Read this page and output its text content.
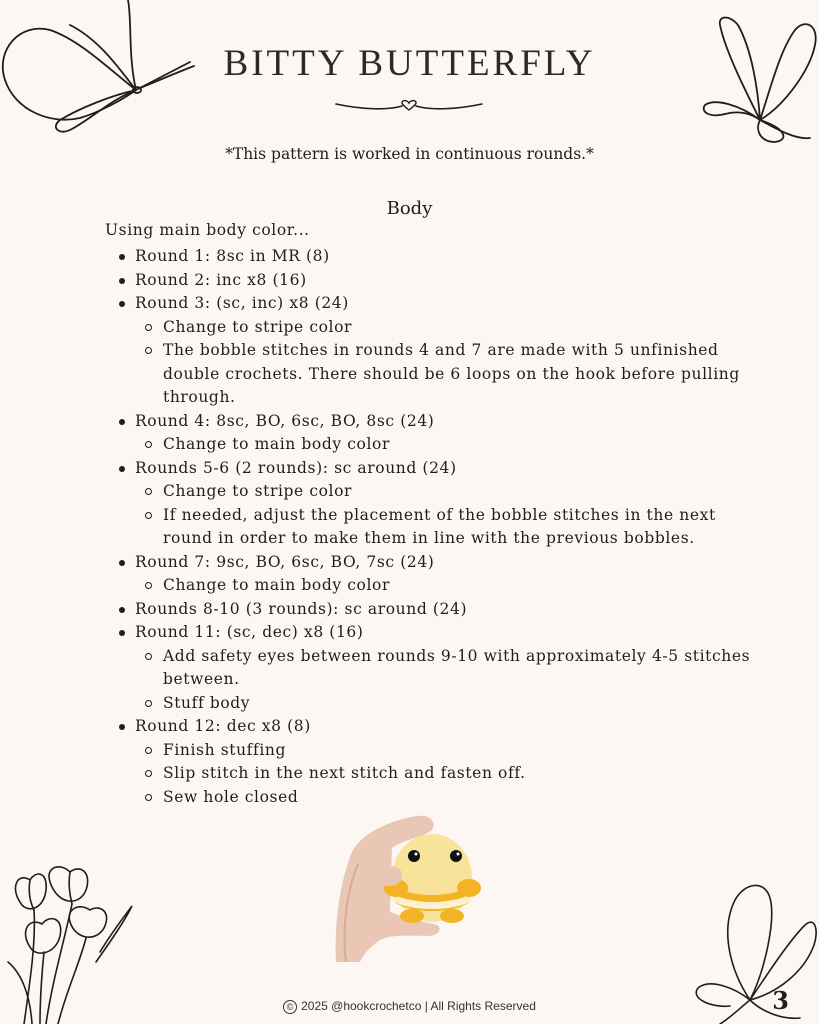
BITTY BUTTERFLY
*This pattern is worked in continuous rounds.*
Body
Using main body color...
Round 1: 8sc in MR (8)
Round 2: inc x8 (16)
Round 3: (sc, inc) x8 (24)
Change to stripe color
The bobble stitches in rounds 4 and 7 are made with 5 unfinished double crochets. There should be 6 loops on the hook before pulling through.
Round 4: 8sc, BO, 6sc, BO, 8sc (24)
Change to main body color
Rounds 5-6 (2 rounds): sc around (24)
Change to stripe color
If needed, adjust the placement of the bobble stitches in the next round in order to make them in line with the previous bobbles.
Round 7: 9sc, BO, 6sc, BO, 7sc (24)
Change to main body color
Rounds 8-10 (3 rounds): sc around (24)
Round 11: (sc, dec) x8 (16)
Add safety eyes between rounds 9-10 with approximately 4-5 stitches between.
Stuff body
Round 12: dec x8 (8)
Finish stuffing
Slip stitch in the next stitch and fasten off.
Sew hole closed
© 2025 @hookcrochetco | All Rights Reserved	3
